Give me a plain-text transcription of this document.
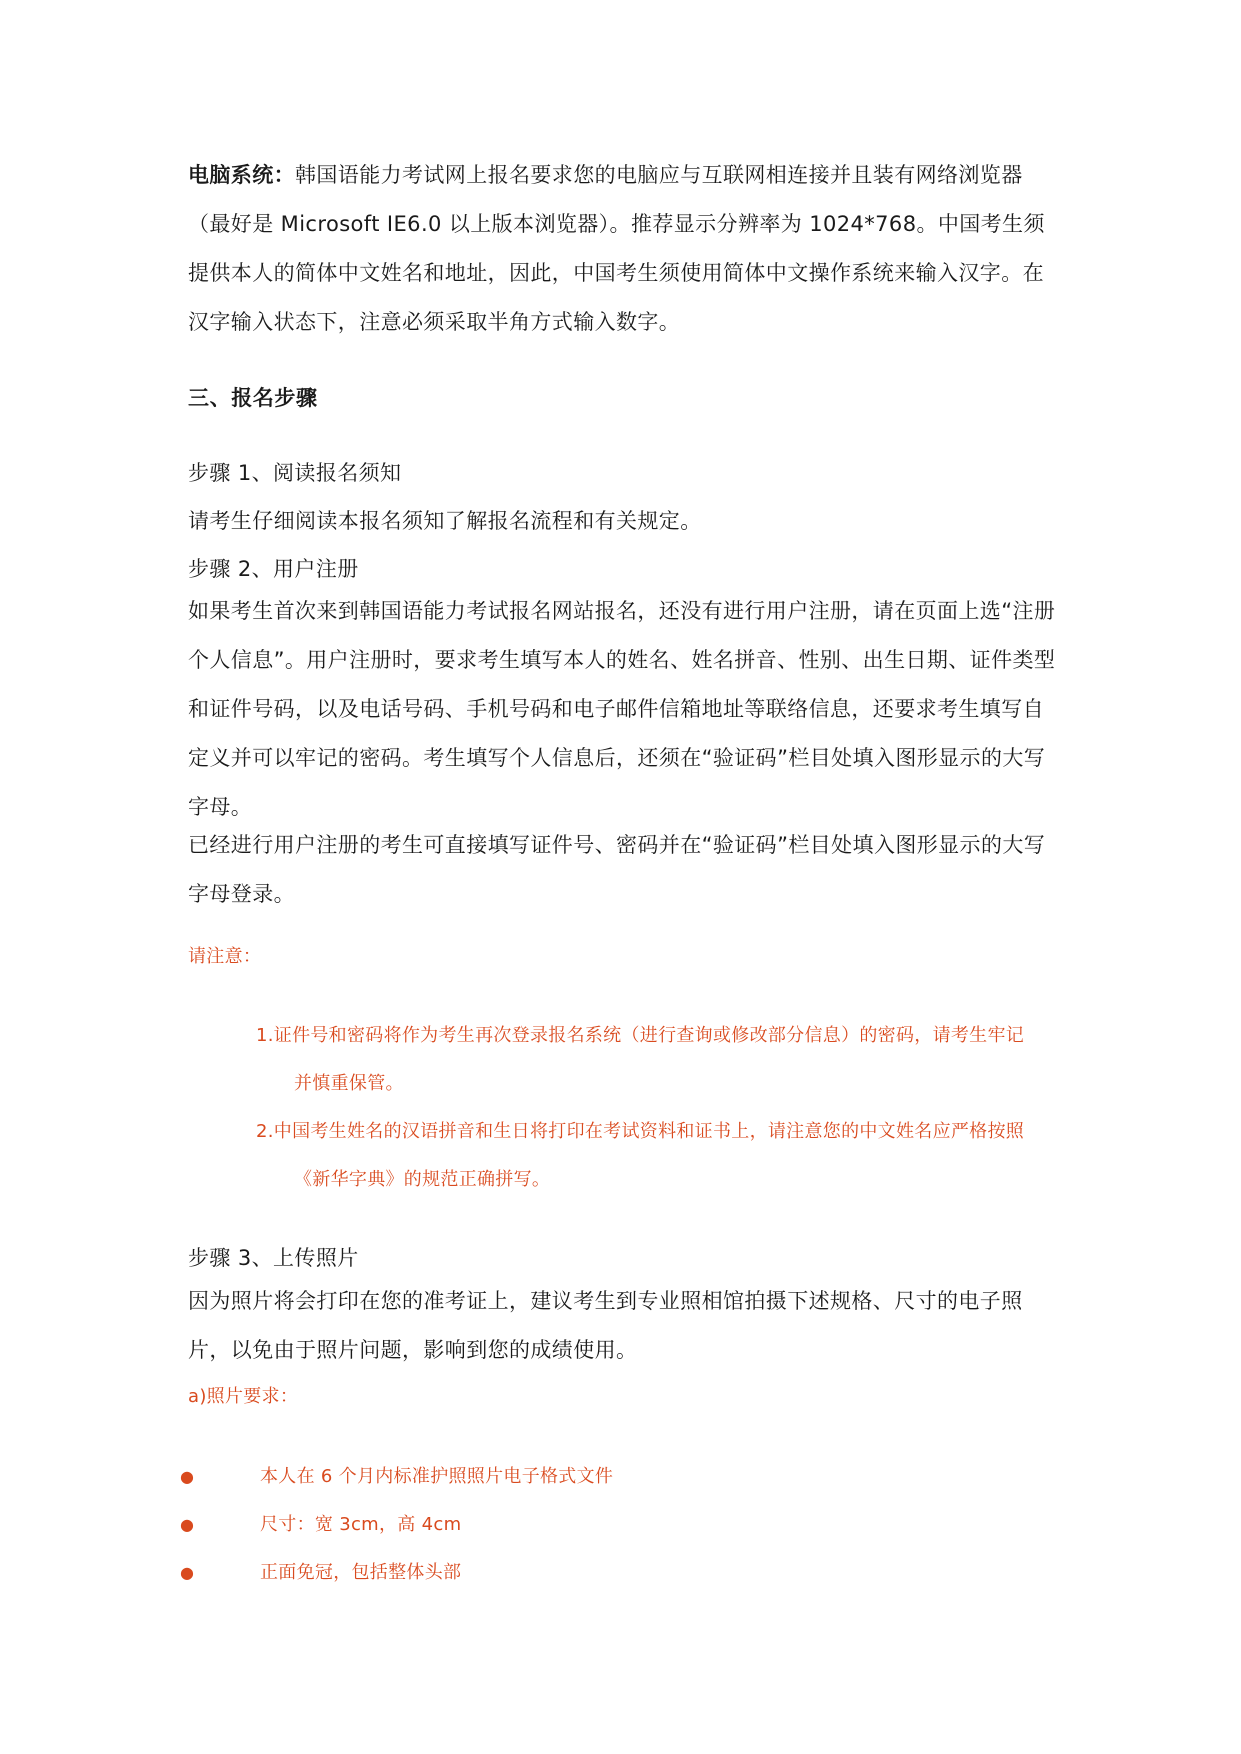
电脑系统：韩国语能力考试网上报名要求您的电脑应与互联网相连接并且装有网络浏览器（最好是 Microsoft IE6.0 以上版本浏览器）。推荐显示分辨率为 1024*768。中国考生须提供本人的简体中文姓名和地址，因此，中国考生须使用简体中文操作系统来输入汉字。在汉字输入状态下，注意必须采取半角方式输入数字。

三、报名步骤

步骤 1、阅读报名须知

请考生仔细阅读本报名须知了解报名流程和有关规定。

步骤 2、用户注册

如果考生首次来到韩国语能力考试报名网站报名，还没有进行用户注册，请在页面上选“注册个人信息”。用户注册时，要求考生填写本人的姓名、姓名拼音、性别、出生日期、证件类型和证件号码，以及电话号码、手机号码和电子邮件信箱地址等联络信息，还要求考生填写自定义并可以牢记的密码。考生填写个人信息后，还须在“验证码”栏目处填入图形显示的大写字母。

已经进行用户注册的考生可直接填写证件号、密码并在“验证码”栏目处填入图形显示的大写字母登录。

请注意：

1.证件号和密码将作为考生再次登录报名系统（进行查询或修改部分信息）的密码，请考生牢记
并慎重保管。
2.中国考生姓名的汉语拼音和生日将打印在考试资料和证书上，请注意您的中文姓名应严格按照
《新华字典》的规范正确拼写。

步骤 3、上传照片

因为照片将会打印在您的准考证上，建议考生到专业照相馆拍摄下述规格、尺寸的电子照片，以免由于照片问题，影响到您的成绩使用。

a)照片要求：

●	本人在 6 个月内标准护照照片电子格式文件
●	尺寸：宽 3cm，高 4cm
●	正面免冠，包括整体头部
